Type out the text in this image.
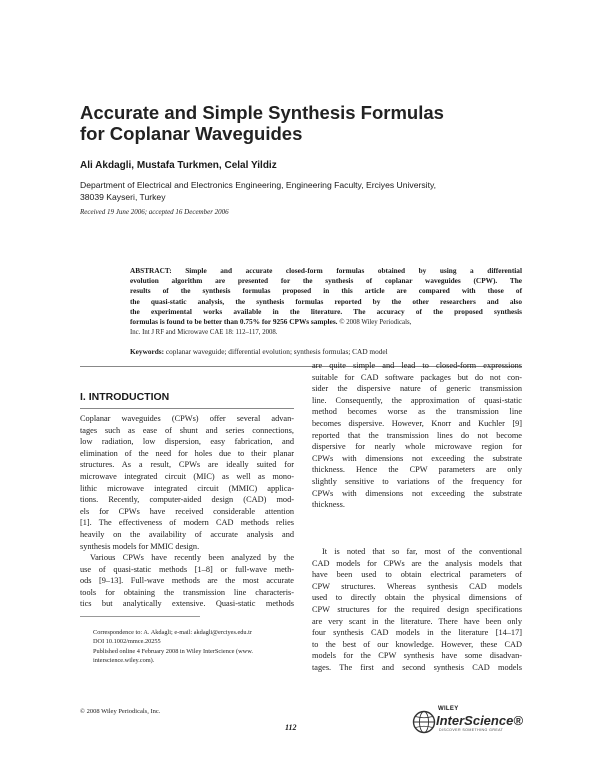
Accurate and Simple Synthesis Formulas
for Coplanar Waveguides
Ali Akdagli, Mustafa Turkmen, Celal Yildiz
Department of Electrical and Electronics Engineering, Engineering Faculty, Erciyes University,
38039 Kayseri, Turkey
Received 19 June 2006; accepted 16 December 2006
ABSTRACT: Simple and accurate closed-form formulas obtained by using a differential
evolution algorithm are presented for the synthesis of coplanar waveguides (CPW). The
results of the synthesis formulas proposed in this article are compared with those of
the quasi-static analysis, the synthesis formulas reported by the other researchers and also
the experimental works available in the literature. The accuracy of the proposed synthesis
formulas is found to be better than 0.75% for 9256 CPWs samples. © 2008 Wiley Periodicals,
Inc. Int J RF and Microwave CAE 18: 112–117, 2008.
Keywords: coplanar waveguide; differential evolution; synthesis formulas; CAD model
I. INTRODUCTION
Coplanar waveguides (CPWs) offer several advan-
tages such as ease of shunt and series connections,
low radiation, low dispersion, easy fabrication, and
elimination of the need for holes due to their planar
structures. As a result, CPWs are ideally suited for
microwave integrated circuit (MIC) as well as mono-
lithic microwave integrated circuit (MMIC) applica-
tions. Recently, computer-aided design (CAD) mod-
els for CPWs have received considerable attention
[1]. The effectiveness of modern CAD methods relies
heavily on the availability of accurate analysis and
synthesis models for MMIC design.
Various CPWs have recently been analyzed by the
use of quasi-static methods [1–8] or full-wave meth-
ods [9–13]. Full-wave methods are the most accurate
tools for obtaining the transmission line characteris-
tics but analytically extensive. Quasi-static methods
are quite simple and lead to closed-form expressions
suitable for CAD software packages but do not con-
sider the dispersive nature of generic transmission
line. Consequently, the approximation of quasi-static
method becomes worse as the transmission line
becomes dispersive. However, Knorr and Kuchler [9]
reported that the transmission lines do not become
dispersive for nearly whole microwave region for
CPWs with dimensions not exceeding the substrate
thickness. Hence the CPW parameters are only
slightly sensitive to variations of the frequency for
CPWs with dimensions not exceeding the substrate
thickness.
It is noted that so far, most of the conventional
CAD models for CPWs are the analysis models that
have been used to obtain electrical parameters of
CPW structures. Whereas synthesis CAD models
used to directly obtain the physical dimensions of
CPW structures for the required design specifications
are very scant in the literature. There have been only
four synthesis CAD models in the literature [14–17]
to the best of our knowledge. However, these CAD
models for the CPW synthesis have some disadvan-
tages. The first and second synthesis CAD models
Correspondence to: A. Akdagli; e-mail: akdagli@erciyes.edu.tr
DOI 10.1002/mmce.20255
Published online 4 February 2008 in Wiley InterScience (www.
interscience.wiley.com).
© 2008 Wiley Periodicals, Inc.
112
WILEY
InterScience®
DISCOVER SOMETHING GREAT
